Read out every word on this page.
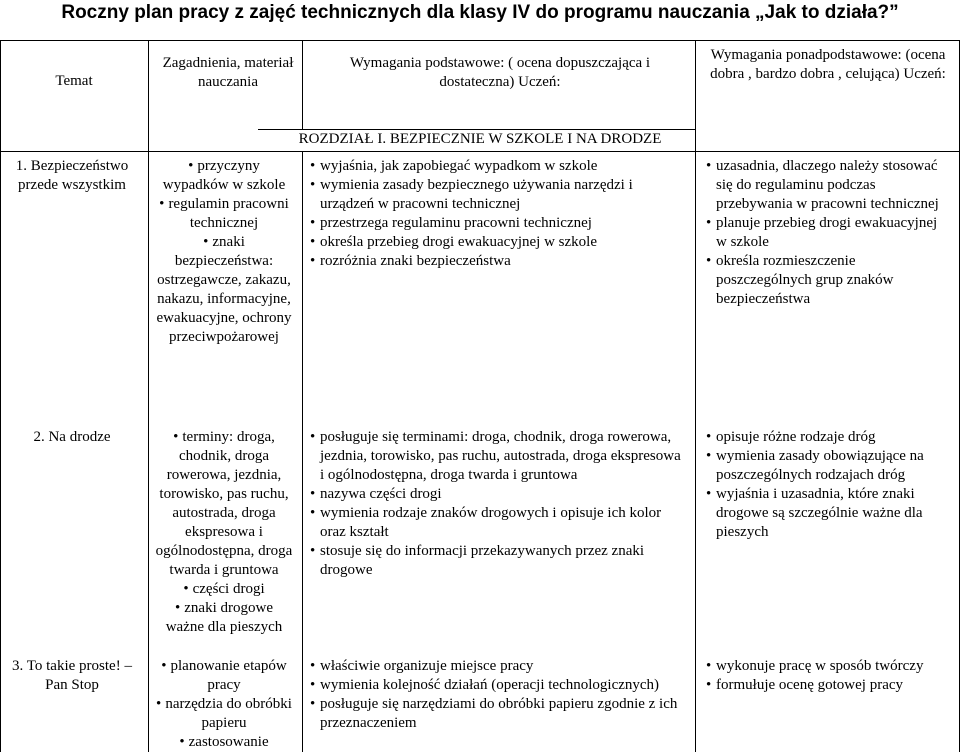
Roczny plan pracy z zajęć technicznych dla klasy IV do programu nauczania „Jak to działa?”
Temat
Zagadnienia, materiał nauczania
Wymagania podstawowe: ( ocena dopuszczająca i dostateczna) Uczeń:
Wymagania ponadpodstawowe: (ocena dobra , bardzo dobra , celująca) Uczeń:
ROZDZIAŁ I. BEZPIECZNIE W SZKOLE I NA DRODZE
1. Bezpieczeństwo przede wszystkim
• przyczyny wypadków w szkole
• regulamin pracowni technicznej
• znaki bezpieczeństwa: ostrzegawcze, zakazu, nakazu, informacyjne, ewakuacyjne, ochrony przeciwpożarowej
• wyjaśnia, jak zapobiegać wypadkom w szkole
• wymienia zasady bezpiecznego używania narzędzi i urządzeń w pracowni technicznej
• przestrzega regulaminu pracowni technicznej
• określa przebieg drogi ewakuacyjnej w szkole
• rozróżnia znaki bezpieczeństwa
• uzasadnia, dlaczego należy stosować się do regulaminu podczas przebywania w pracowni technicznej
• planuje przebieg drogi ewakuacyjnej w szkole
• określa rozmieszczenie poszczególnych grup znaków bezpieczeństwa
2. Na drodze
•	terminy: droga, chodnik, droga rowerowa, jezdnia, torowisko, pas ruchu, autostrada, droga ekspresowa i ogólnodostępna, droga twarda i gruntowa
• części drogi
• znaki drogowe ważne dla pieszych
• posługuje się terminami: droga, chodnik, droga rowerowa, jezdnia, torowisko, pas ruchu, autostrada, droga ekspresowa i ogólnodostępna, droga twarda i gruntowa
• nazywa części drogi
• wymienia rodzaje znaków drogowych i opisuje ich kolor oraz kształt
• stosuje się do informacji przekazywanych przez znaki drogowe
• opisuje różne rodzaje dróg
• wymienia zasady obowiązujące na poszczególnych rodzajach dróg
• wyjaśnia i uzasadnia, które znaki drogowe są szczególnie ważne dla pieszych
3. To takie proste! – Pan Stop
• planowanie etapów pracy
• narzędzia do obróbki papieru
• zastosowanie
• właściwie organizuje miejsce pracy
• wymienia kolejność działań (operacji technologicznych)
• posługuje się narzędziami do obróbki papieru zgodnie z ich przeznaczeniem
• wykonuje pracę w sposób twórczy
• formułuje ocenę gotowej pracy
